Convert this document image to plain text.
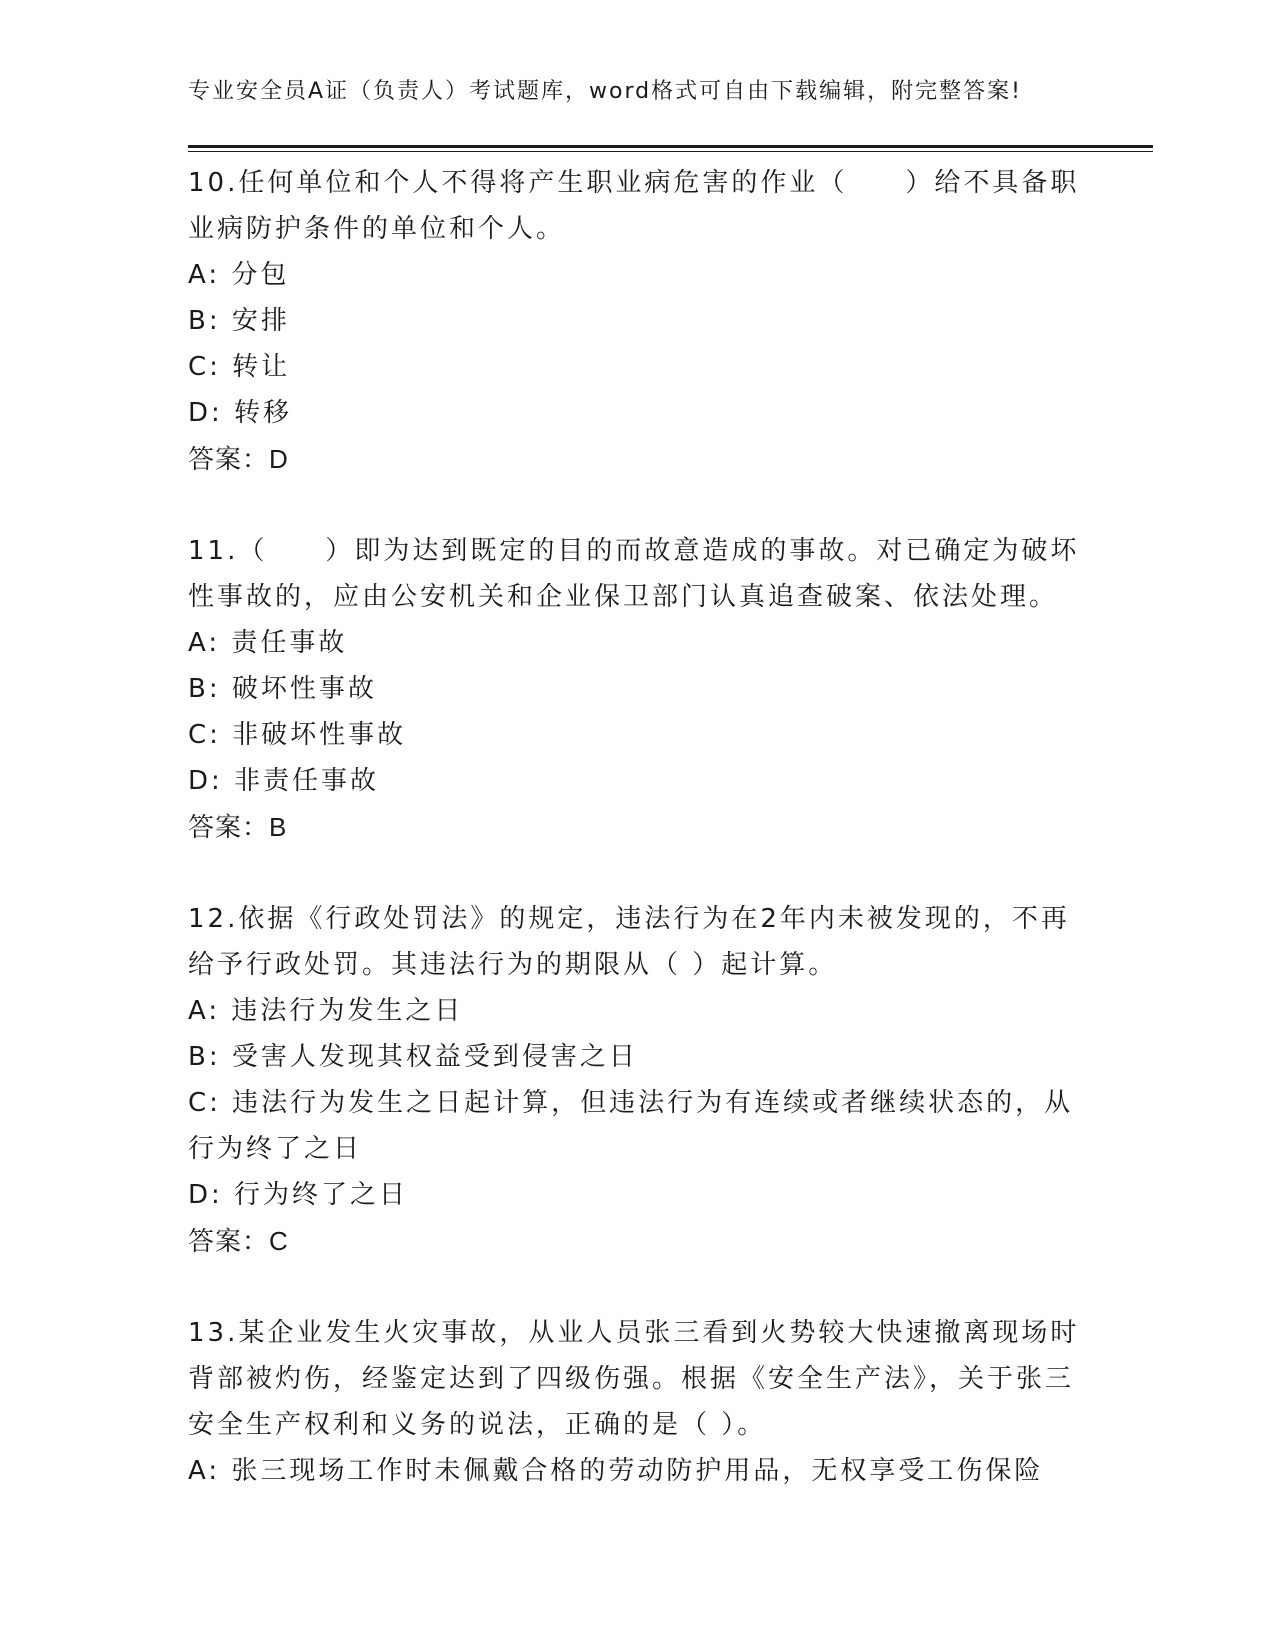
专业安全员A证（负责人）考试题库，word格式可自由下载编辑，附完整答案!

10.任何单位和个人不得将产生职业病危害的作业（　　）给不具备职业病防护条件的单位和个人。

A: 分包

B: 安排

C: 转让

D: 转移

答案：D

11.（　　）即为达到既定的目的而故意造成的事故。对已确定为破坏性事故的，应由公安机关和企业保卫部门认真追查破案、依法处理。

A: 责任事故

B: 破坏性事故

C: 非破坏性事故

D: 非责任事故

答案：B

12.依据《行政处罚法》的规定，违法行为在2年内未被发现的，不再给予行政处罚。其违法行为的期限从（ ）起计算。

A: 违法行为发生之日

B: 受害人发现其权益受到侵害之日

C: 违法行为发生之日起计算，但违法行为有连续或者继续状态的，从行为终了之日

D: 行为终了之日

答案：C

13.某企业发生火灾事故，从业人员张三看到火势较大快速撤离现场时背部被灼伤，经鉴定达到了四级伤强。根据《安全生产法》，关于张三安全生产权利和义务的说法，正确的是（ ）。

A: 张三现场工作时未佩戴合格的劳动防护用品，无权享受工伤保险
